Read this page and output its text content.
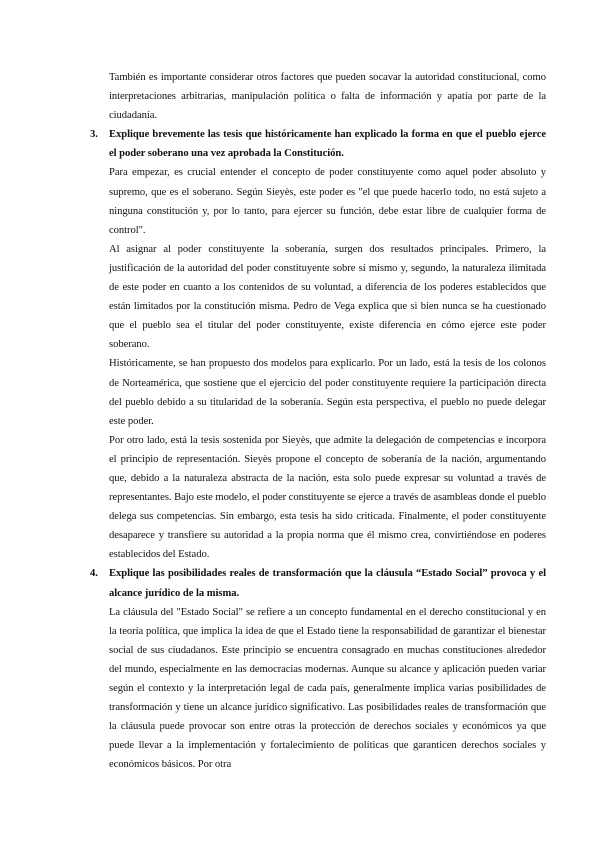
También es importante considerar otros factores que pueden socavar la autoridad constitucional, como interpretaciones arbitrarias, manipulación política o falta de información y apatía por parte de la ciudadanía.

3. Explique brevemente las tesis que históricamente han explicado la forma en que el pueblo ejerce el poder soberano una vez aprobada la Constitución.

Para empezar, es crucial entender el concepto de poder constituyente como aquel poder absoluto y supremo, que es el soberano. Según Sieyès, este poder es "el que puede hacerlo todo, no está sujeto a ninguna constitución y, por lo tanto, para ejercer su función, debe estar libre de cualquier forma de control".

Al asignar al poder constituyente la soberanía, surgen dos resultados principales. Primero, la justificación de la autoridad del poder constituyente sobre sí mismo y, segundo, la naturaleza ilimitada de este poder en cuanto a los contenidos de su voluntad, a diferencia de los poderes establecidos que están limitados por la constitución misma. Pedro de Vega explica que si bien nunca se ha cuestionado que el pueblo sea el titular del poder constituyente, existe diferencia en cómo ejerce este poder soberano.

Históricamente, se han propuesto dos modelos para explicarlo. Por un lado, está la tesis de los colonos de Norteamérica, que sostiene que el ejercicio del poder constituyente requiere la participación directa del pueblo debido a su titularidad de la soberanía. Según esta perspectiva, el pueblo no puede delegar este poder.

Por otro lado, está la tesis sostenida por Sieyès, que admite la delegación de competencias e incorpora el principio de representación. Sieyès propone el concepto de soberanía de la nación, argumentando que, debido a la naturaleza abstracta de la nación, esta solo puede expresar su voluntad a través de representantes. Bajo este modelo, el poder constituyente se ejerce a través de asambleas donde el pueblo delega sus competencias. Sin embargo, esta tesis ha sido criticada. Finalmente, el poder constituyente desaparece y transfiere su autoridad a la propia norma que él mismo crea, convirtiéndose en poderes establecidos del Estado.

4. Explique las posibilidades reales de transformación que la cláusula “Estado Social” provoca y el alcance jurídico de la misma.

La cláusula del "Estado Social" se refiere a un concepto fundamental en el derecho constitucional y en la teoría política, que implica la idea de que el Estado tiene la responsabilidad de garantizar el bienestar social de sus ciudadanos. Este principio se encuentra consagrado en muchas constituciones alrededor del mundo, especialmente en las democracias modernas. Aunque su alcance y aplicación pueden variar según el contexto y la interpretación legal de cada país, generalmente implica varias posibilidades de transformación y tiene un alcance jurídico significativo. Las posibilidades reales de transformación que la cláusula puede provocar son entre otras la protección de derechos sociales y económicos ya que puede llevar a la implementación y fortalecimiento de políticas que garanticen derechos sociales y económicos básicos. Por otra
